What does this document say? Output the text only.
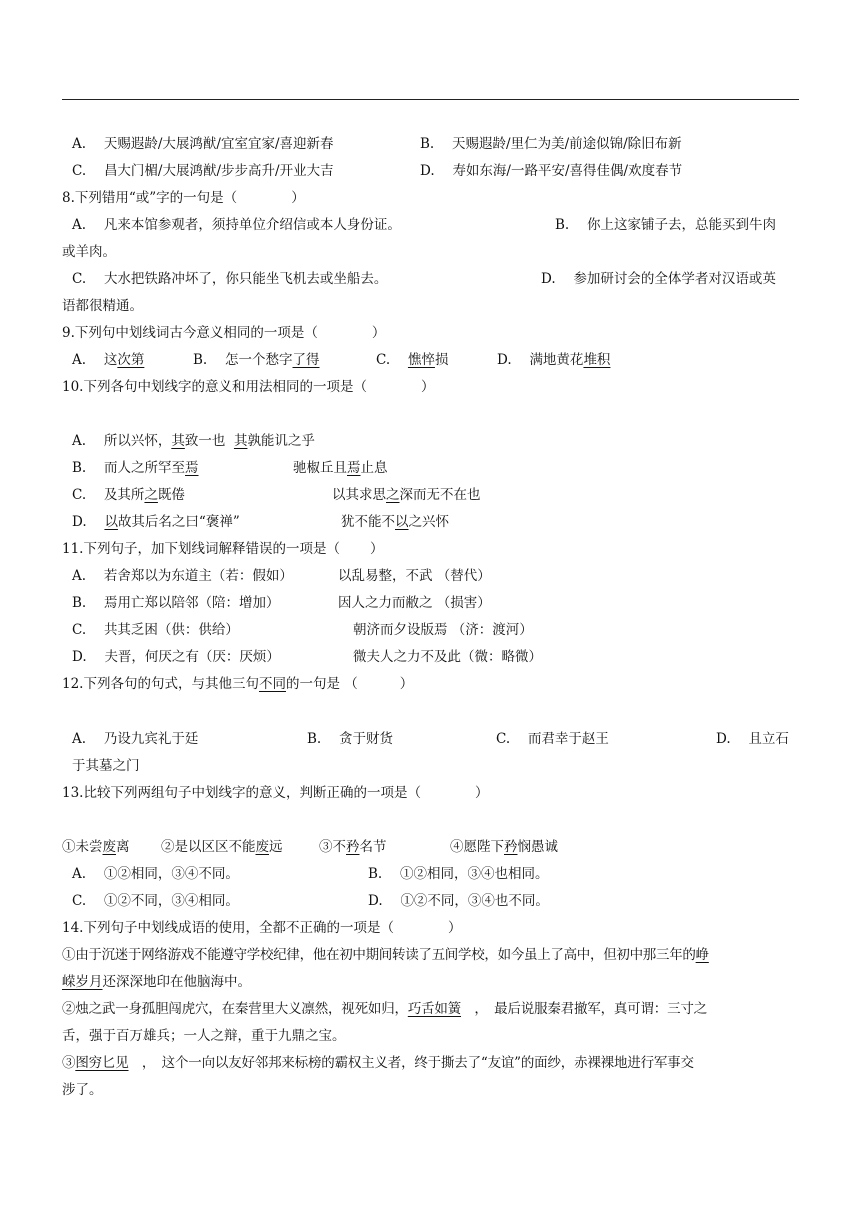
A.　 天赐遐龄/大展鸿猷/宜室宜家/喜迎新春	B.　 天赐遐龄/里仁为美/前途似锦/除旧布新
C.　 昌大门楣/大展鸿猷/步步高升/开业大吉	D.　 寿如东海/一路平安/喜得佳偶/欢度春节
8.下列错用“或”字的一句是（	）
A.　 凡来本馆参观者，须持单位介绍信或本人身份证。	B.　 你上这家铺子去，总能买到牛肉
或羊肉。
C.　 大水把铁路冲坏了，你只能坐飞机去或坐船去。	D.　 参加研讨会的全体学者对汉语或英
语都很精通。
9.下列句中划线词古今意义相同的一项是（	）
A.　 这次第	B.　 怎一个愁字了得	C.　 憔悴损	D.　 满地黄花堆积
10.下列各句中划线字的意义和用法相同的一项是（	）
A.　 所以兴怀，其致一也 其孰能讥之乎
B.　 而人之所罕至焉	驰椒丘且焉止息
C.　 及其所之既倦	以其求思之深而无不在也
D.　 以故其后名之曰“褒禅”	犹不能不以之兴怀
11.下列句子，加下划线词解释错误的一项是（ ）
A.　 若舍郑以为东道主（若：假如）	以乱易整，不武 （替代）
B.　 焉用亡郑以陪邻（陪：增加）	因人之力而敝之 （损害）
C.　 共其乏困（供：供给）	朝济而夕设版焉 （济：渡河）
D.　 夫晋，何厌之有（厌：厌烦）	微夫人之力不及此（微：略微）
12.下列各句的句式，与其他三句不同的一句是 （	）
A.　 乃设九宾礼于廷	B.　 贪于财货	C.　 而君幸于赵王	D.　 且立石
于其墓之门
13.比较下列两组句子中划线字的意义，判断正确的一项是（	）
①未尝废离 ②是以区区不能废远	③不矜名节	④愿陛下矜悯愚诚
A.　 ①②相同，③④不同。	B.　 ①②相同，③④也相同。
C.　 ①②不同，③④相同。	D.　 ①②不同，③④也不同。
14.下列句子中划线成语的使用，全都不正确的一项是（	）
①由于沉迷于网络游戏不能遵守学校纪律，他在初中期间转读了五间学校，如今虽上了高中，但初中那三年的峥
嵘岁月还深深地印在他脑海中。
②烛之武一身孤胆闯虎穴，在秦营里大义凛然，视死如归，巧舌如簧　 ，　最后说服秦君撤军，真可谓：三寸之
舌，强于百万雄兵；一人之辩，重于九鼎之宝。
③图穷匕见　 ，　这个一向以友好邻邦来标榜的霸权主义者，终于撕去了“友谊”的面纱，赤裸裸地进行军事交
涉了。
